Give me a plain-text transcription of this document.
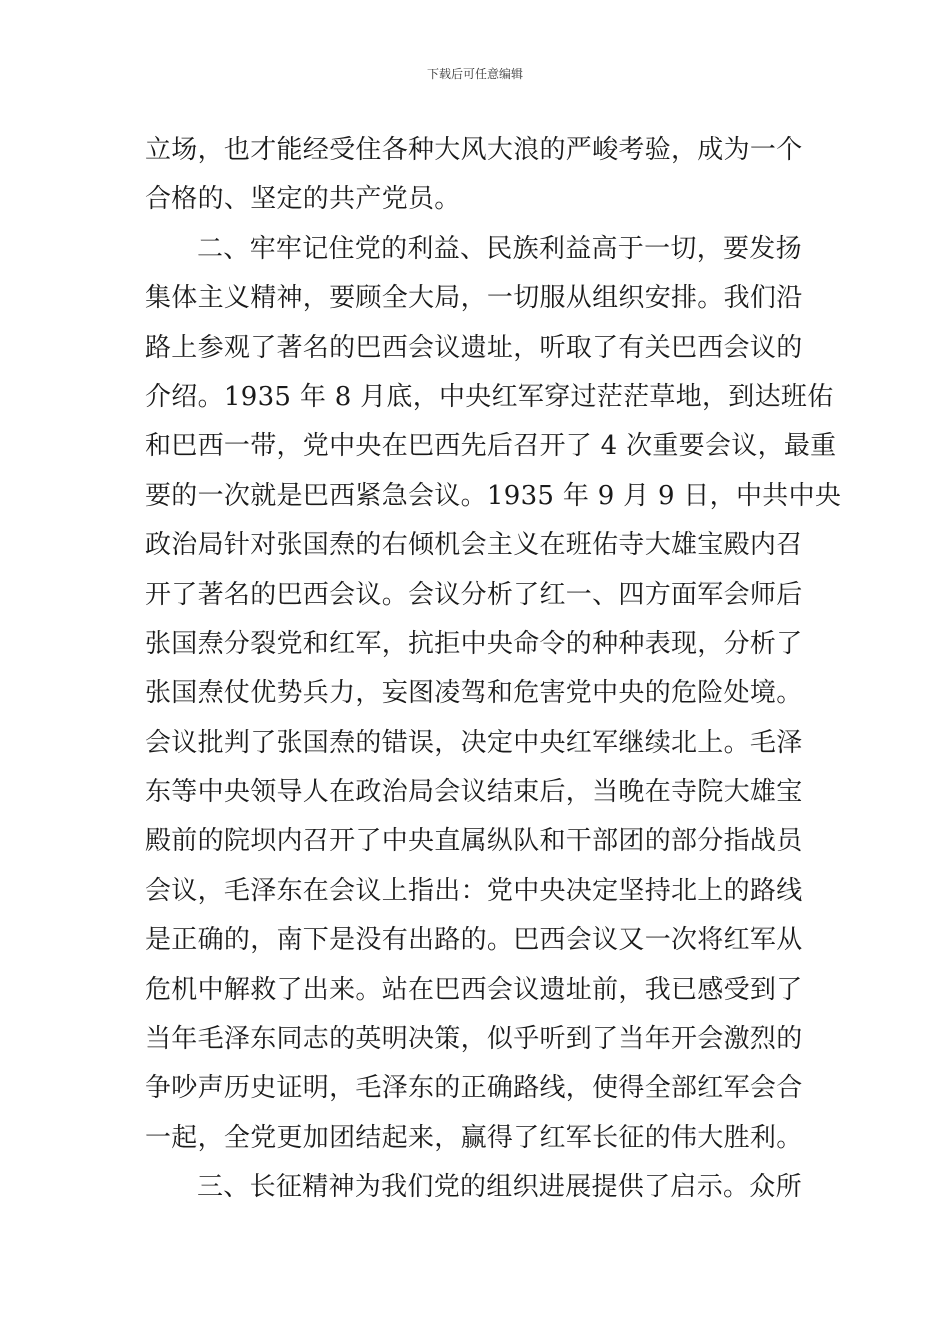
下载后可任意编辑
立场，也才能经受住各种大风大浪的严峻考验，成为一个
合格的、坚定的共产党员。
二、牢牢记住党的利益、民族利益高于一切，要发扬
集体主义精神，要顾全大局，一切服从组织安排。我们沿
路上参观了著名的巴西会议遗址，听取了有关巴西会议的
介绍。1935 年 8 月底，中央红军穿过茫茫草地，到达班佑
和巴西一带，党中央在巴西先后召开了 4 次重要会议，最重
要的一次就是巴西紧急会议。1935 年 9 月 9 日，中共中央
政治局针对张国焘的右倾机会主义在班佑寺大雄宝殿内召
开了著名的巴西会议。会议分析了红一、四方面军会师后
张国焘分裂党和红军，抗拒中央命令的种种表现，分析了
张国焘仗优势兵力，妄图凌驾和危害党中央的危险处境。
会议批判了张国焘的错误，决定中央红军继续北上。毛泽
东等中央领导人在政治局会议结束后，当晚在寺院大雄宝
殿前的院坝内召开了中央直属纵队和干部团的部分指战员
会议，毛泽东在会议上指出：党中央决定坚持北上的路线
是正确的，南下是没有出路的。巴西会议又一次将红军从
危机中解救了出来。站在巴西会议遗址前，我已感受到了
当年毛泽东同志的英明决策，似乎听到了当年开会激烈的
争吵声历史证明，毛泽东的正确路线，使得全部红军会合
一起，全党更加团结起来，赢得了红军长征的伟大胜利。
三、长征精神为我们党的组织进展提供了启示。众所
